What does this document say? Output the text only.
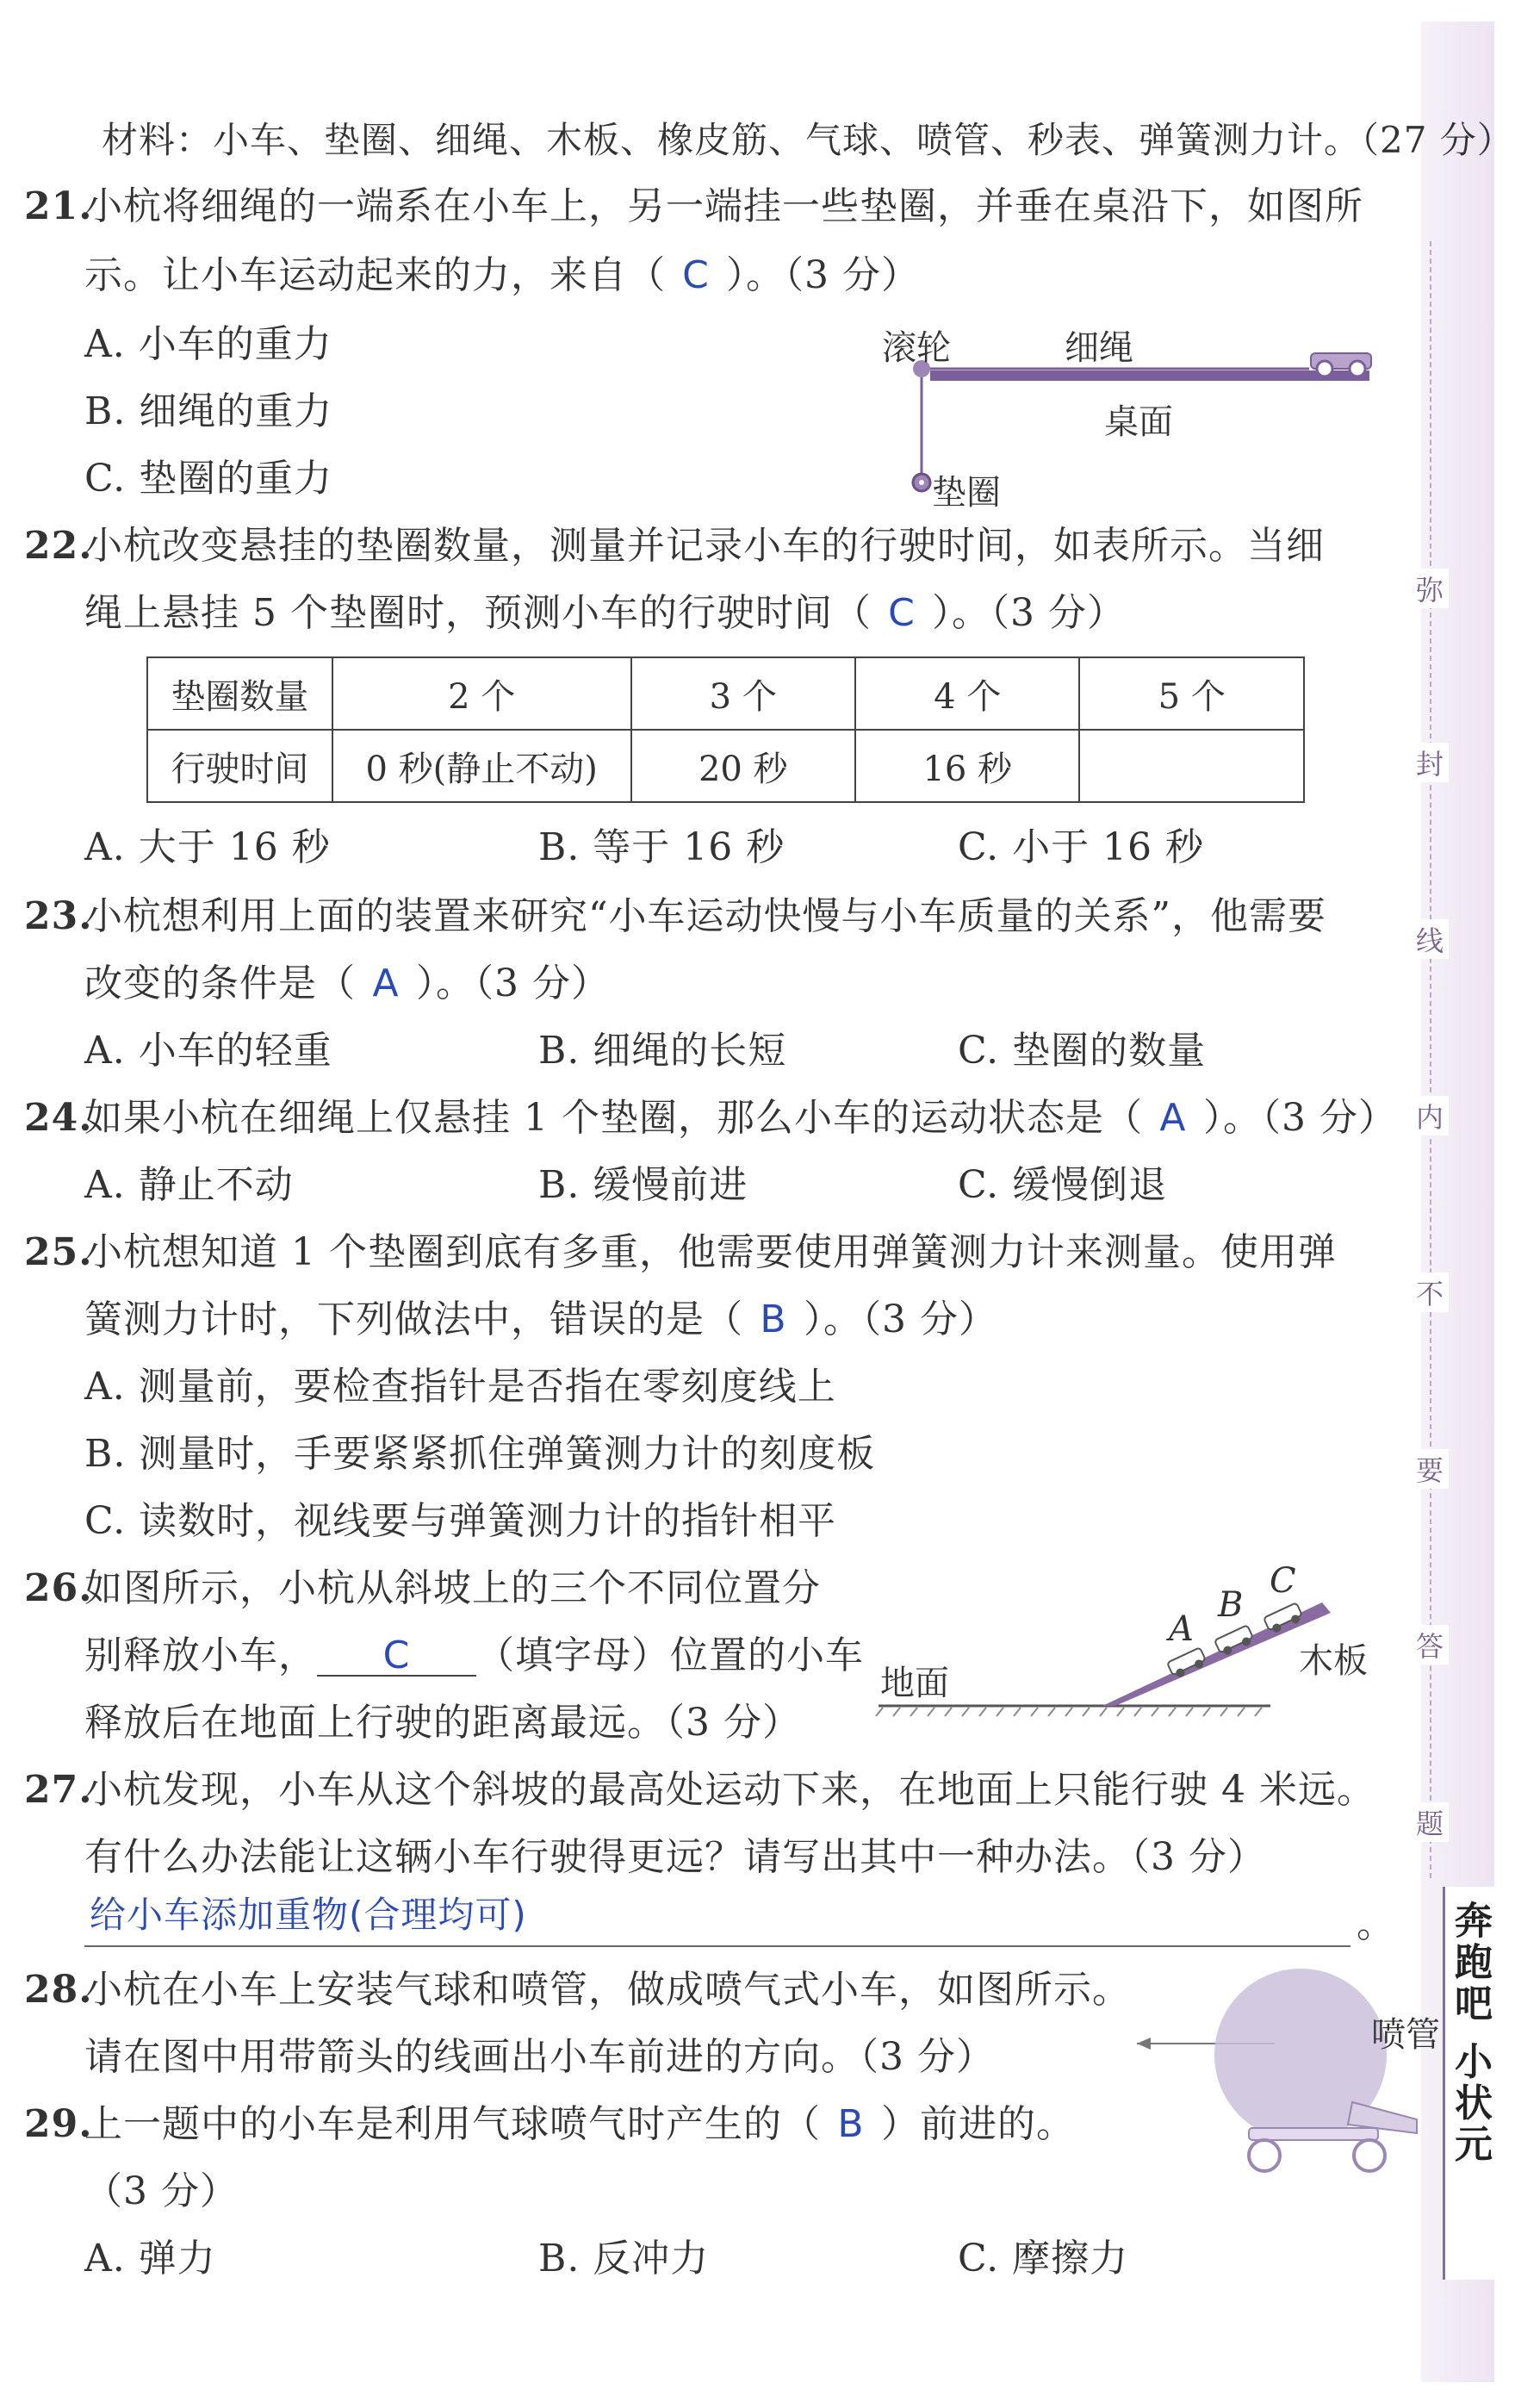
弥
封
线
内
不
要
答
题
奔跑吧 小状元
材料：小车、垫圈、细绳、木板、橡皮筋、气球、喷管、秒表、弹簧测力计。（27 分）
21.
小杭将细绳的一端系在小车上，另一端挂一些垫圈，并垂在桌沿下，如图所
示。让小车运动起来的力，来自（ C ）。（3 分）
A. 小车的重力
B. 细绳的重力
C. 垫圈的重力
滚轮	细绳
桌面
垫圈
22.
小杭改变悬挂的垫圈数量，测量并记录小车的行驶时间，如表所示。当细
绳上悬挂 5 个垫圈时，预测小车的行驶时间（ C ）。（3 分）
垫圈数量	2 个	3 个	4 个	5 个
行驶时间	0 秒(静止不动)	20 秒	16 秒	
A. 大于 16 秒	B. 等于 16 秒	C. 小于 16 秒
23.
小杭想利用上面的装置来研究“小车运动快慢与小车质量的关系”，他需要
改变的条件是（ A ）。（3 分）
A. 小车的轻重	B. 细绳的长短	C. 垫圈的数量
24.
如果小杭在细绳上仅悬挂 1 个垫圈，那么小车的运动状态是（ A ）。（3 分）
A. 静止不动	B. 缓慢前进	C. 缓慢倒退
25.
小杭想知道 1 个垫圈到底有多重，他需要使用弹簧测力计来测量。使用弹
簧测力计时，下列做法中，错误的是（ B ）。（3 分）
A. 测量前，要检查指针是否指在零刻度线上
B. 测量时，手要紧紧抓住弹簧测力计的刻度板
C. 读数时，视线要与弹簧测力计的指针相平
26.
如图所示，小杭从斜坡上的三个不同位置分
别释放小车， C （填字母）位置的小车
释放后在地面上行驶的距离最远。（3 分）
地面
木板
A
B
C
27.
小杭发现，小车从这个斜坡的最高处运动下来，在地面上只能行驶 4 米远。
有什么办法能让这辆小车行驶得更远？请写出其中一种办法。（3 分）
给小车添加重物(合理均可)	。
28.
小杭在小车上安装气球和喷管，做成喷气式小车，如图所示。
请在图中用带箭头的线画出小车前进的方向。（3 分）	喷管
29.
上一题中的小车是利用气球喷气时产生的（ B ）前进的。
（3 分）
A. 弹力	B. 反冲力	C. 摩擦力
